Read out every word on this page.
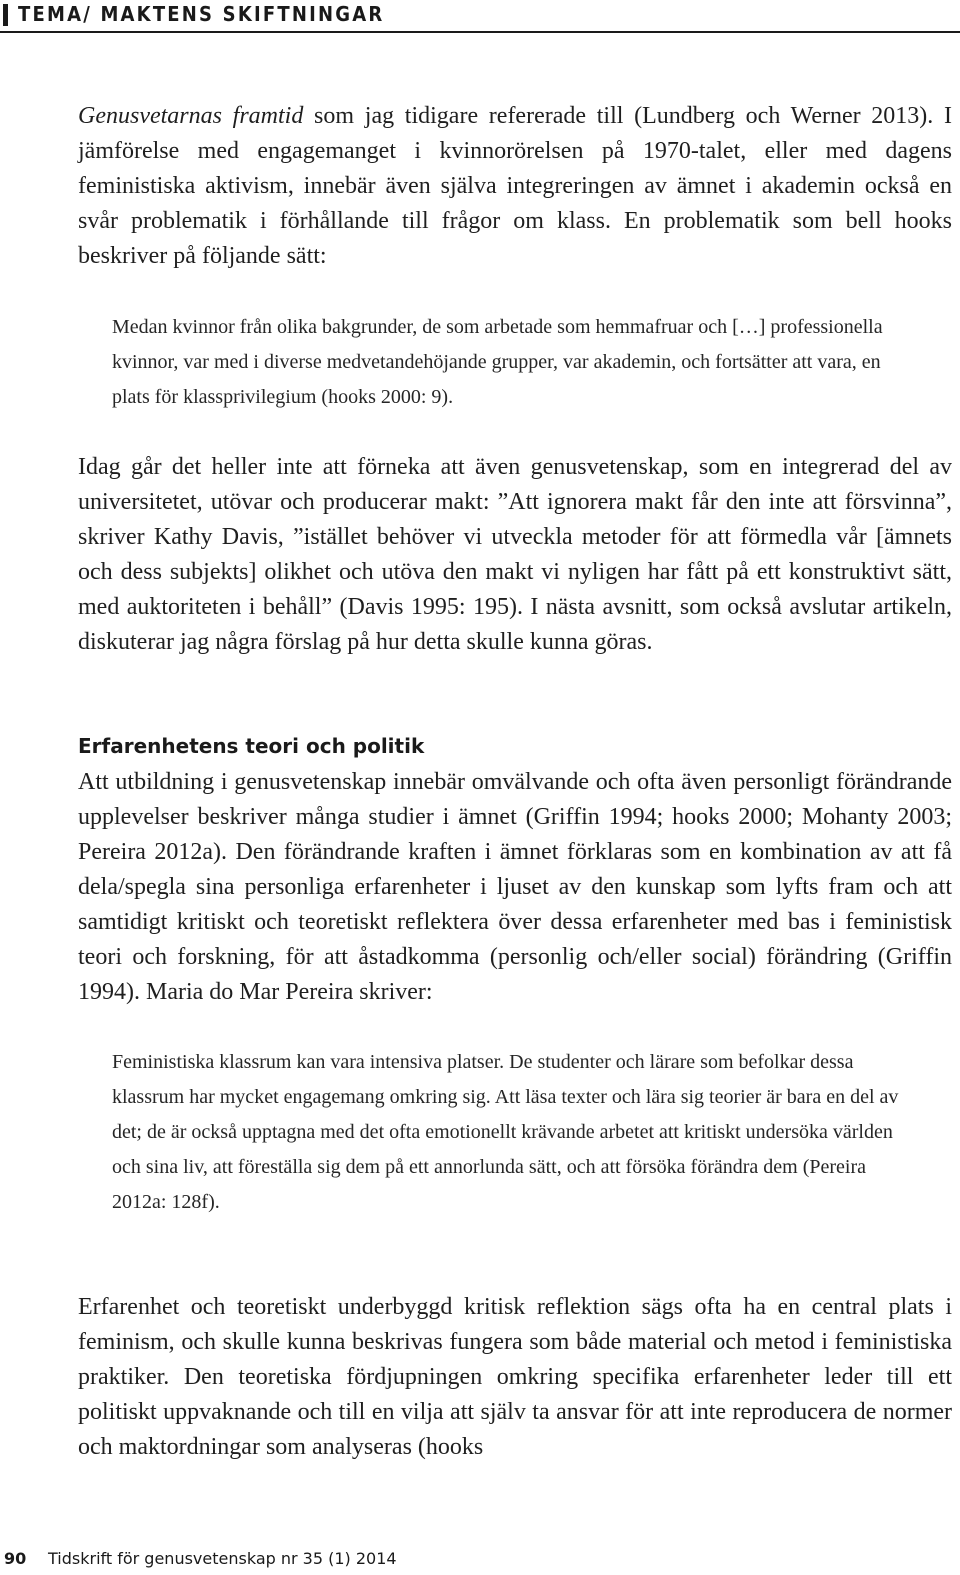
TEMA/ MAKTENS SKIFTNINGAR

Genusvetarnas framtid som jag tidigare refererade till (Lundberg och Werner 2013). I jämförelse med engagemanget i kvinnorörelsen på 1970-talet, eller med dagens feministiska aktivism, innebär även själva integreringen av ämnet i akademin också en svår problematik i förhållande till frågor om klass. En problematik som bell hooks beskriver på följande sätt:

Medan kvinnor från olika bakgrunder, de som arbetade som hemmafruar och […] professionella kvinnor, var med i diverse medvetandehöjande grupper, var akademin, och fortsätter att vara, en plats för klassprivilegium (hooks 2000: 9).

Idag går det heller inte att förneka att även genusvetenskap, som en integrerad del av universitetet, utövar och producerar makt: ”Att ignorera makt får den inte att försvinna”, skriver Kathy Davis, ”istället behöver vi utveckla metoder för att förmedla vår [ämnets och dess subjekts] olikhet och utöva den makt vi nyligen har fått på ett konstruktivt sätt, med auktoriteten i behåll” (Davis 1995: 195). I nästa avsnitt, som också avslutar artikeln, diskuterar jag några förslag på hur detta skulle kunna göras.

Erfarenhetens teori och politik

Att utbildning i genusvetenskap innebär omvälvande och ofta även personligt förändrande upplevelser beskriver många studier i ämnet (Griffin 1994; hooks 2000; Mohanty 2003; Pereira 2012a). Den förändrande kraften i ämnet förklaras som en kombination av att få dela/spegla sina personliga erfarenheter i ljuset av den kunskap som lyfts fram och att samtidigt kritiskt och teoretiskt reflektera över dessa erfarenheter med bas i feministisk teori och forskning, för att åstadkomma (personlig och/eller social) förändring (Griffin 1994). Maria do Mar Pereira skriver:

Feministiska klassrum kan vara intensiva platser. De studenter och lärare som befolkar dessa klassrum har mycket engagemang omkring sig. Att läsa texter och lära sig teorier är bara en del av det; de är också upptagna med det ofta emotionellt krävande arbetet att kritiskt undersöka världen och sina liv, att föreställa sig dem på ett annorlunda sätt, och att försöka förändra dem (Pereira 2012a: 128f).

Erfarenhet och teoretiskt underbyggd kritisk reflektion sägs ofta ha en central plats i feminism, och skulle kunna beskrivas fungera som både material och metod i feministiska praktiker. Den teoretiska fördjupningen omkring specifika erfarenheter leder till ett politiskt uppvaknande och till en vilja att själv ta ansvar för att inte reproducera de normer och maktordningar som analyseras (hooks

90 Tidskrift för genusvetenskap nr 35 (1) 2014
